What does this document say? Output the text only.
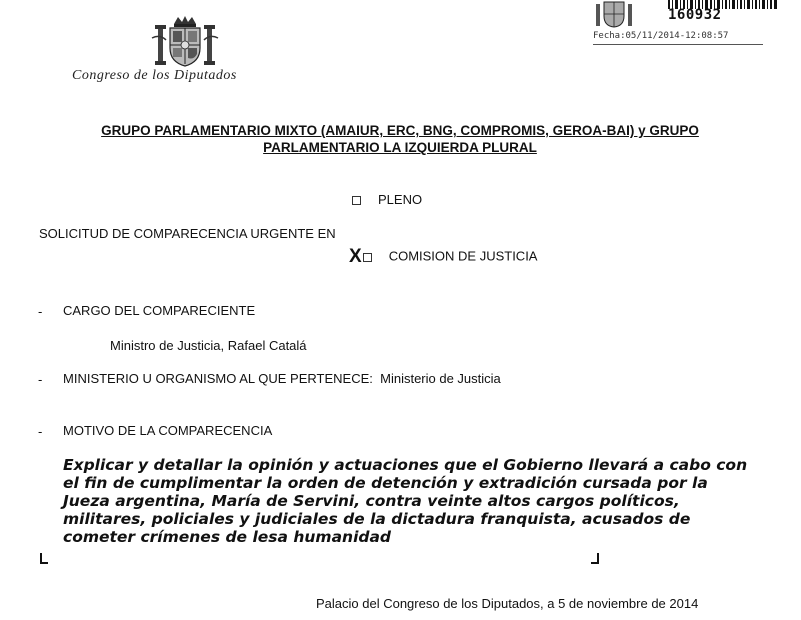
Congreso de los Diputados
160932
Fecha:05/11/2014-12:08:57
GRUPO PARLAMENTARIO MIXTO (AMAIUR, ERC, BNG, COMPROMIS, GEROA-BAI) y GRUPO
PARLAMENTARIO LA IZQUIERDA PLURAL
PLENO
SOLICITUD DE COMPARECENCIA URGENTE EN
X COMISION DE JUSTICIA
- CARGO DEL COMPARECIENTE
Ministro de Justicia, Rafael Catalá
- MINISTERIO U ORGANISMO AL QUE PERTENECE: Ministerio de Justicia
- MOTIVO DE LA COMPARECENCIA
Explicar y detallar la opinión y actuaciones que el Gobierno llevará a cabo con el fin de cumplimentar la orden de detención y extradición cursada por la Jueza argentina, María de Servini, contra veinte altos cargos políticos, militares, policiales y judiciales de la dictadura franquista, acusados de cometer crímenes de lesa humanidad
Palacio del Congreso de los Diputados, a 5 de noviembre de 2014
